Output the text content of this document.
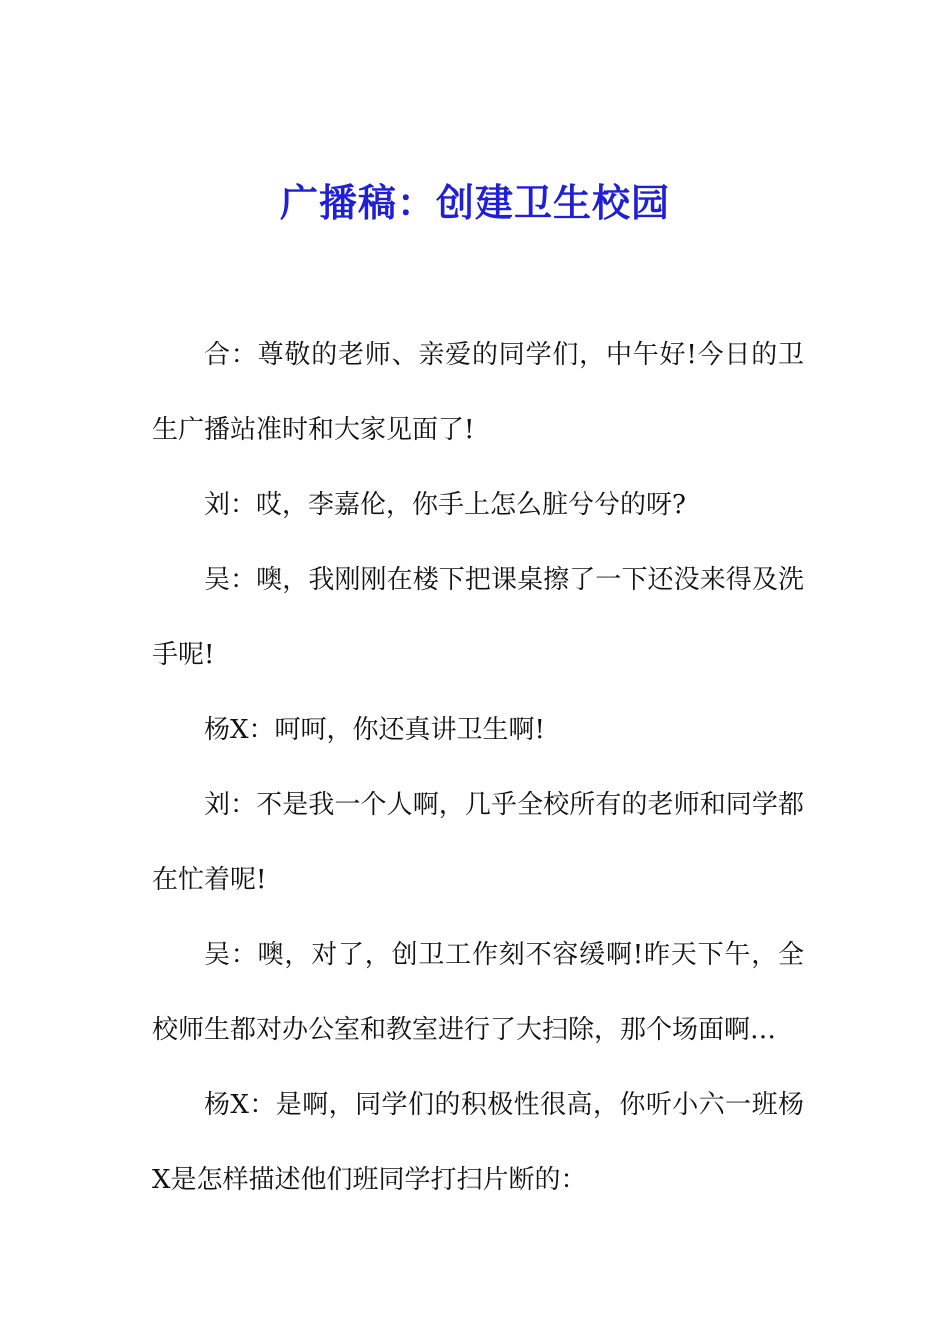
广播稿：创建卫生校园

合：尊敬的老师、亲爱的同学们，中午好!今日的卫生广播站准时和大家见面了!

刘：哎，李嘉伦，你手上怎么脏兮兮的呀?

吴：噢，我刚刚在楼下把课桌擦了一下还没来得及洗手呢!

杨X：呵呵，你还真讲卫生啊!

刘：不是我一个人啊，几乎全校所有的老师和同学都在忙着呢!

吴：噢，对了，创卫工作刻不容缓啊!昨天下午，全校师生都对办公室和教室进行了大扫除，那个场面啊…

杨X：是啊，同学们的积极性很高，你听小六一班杨X是怎样描述他们班同学打扫片断的：
